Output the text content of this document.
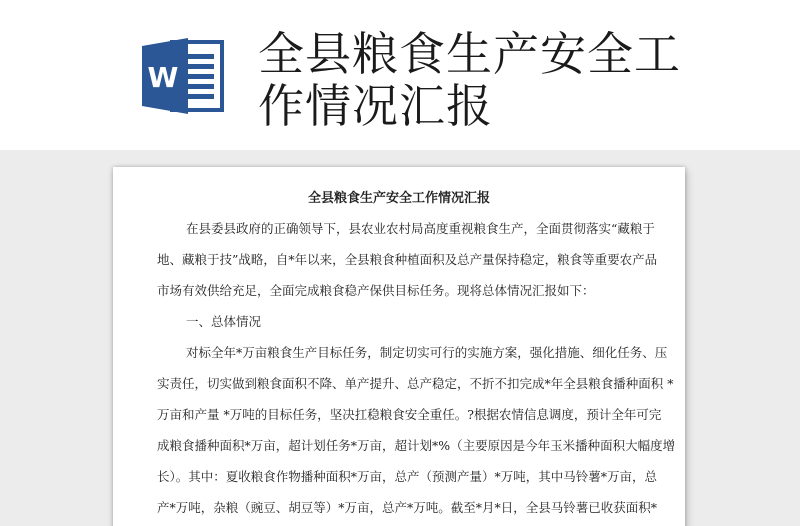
W 全县粮食生产安全工
作情况汇报
全县粮食生产安全工作情况汇报
在县委县政府的正确领导下，县农业农村局高度重视粮食生产，全面贯彻落实“藏粮于
地、藏粮于技”战略，自*年以来，全县粮食种植面积及总产量保持稳定，粮食等重要农产品
市场有效供给充足，全面完成粮食稳产保供目标任务。现将总体情况汇报如下：
一、总体情况
对标全年*万亩粮食生产目标任务，制定切实可行的实施方案，强化措施、细化任务、压
实责任，切实做到粮食面积不降、单产提升、总产稳定，不折不扣完成*年全县粮食播种面积 *
万亩和产量 *万吨的目标任务，坚决扛稳粮食安全重任。?根据农情信息调度，预计全年可完
成粮食播种面积*万亩，超计划任务*万亩，超计划*%（主要原因是今年玉米播种面积大幅度增
长）。其中：夏收粮食作物播种面积*万亩，总产（预测产量）*万吨，其中马铃薯*万亩，总
产*万吨，杂粮（豌豆、胡豆等）*万亩，总产*万吨。截至*月*日，全县马铃薯已收获面积*
